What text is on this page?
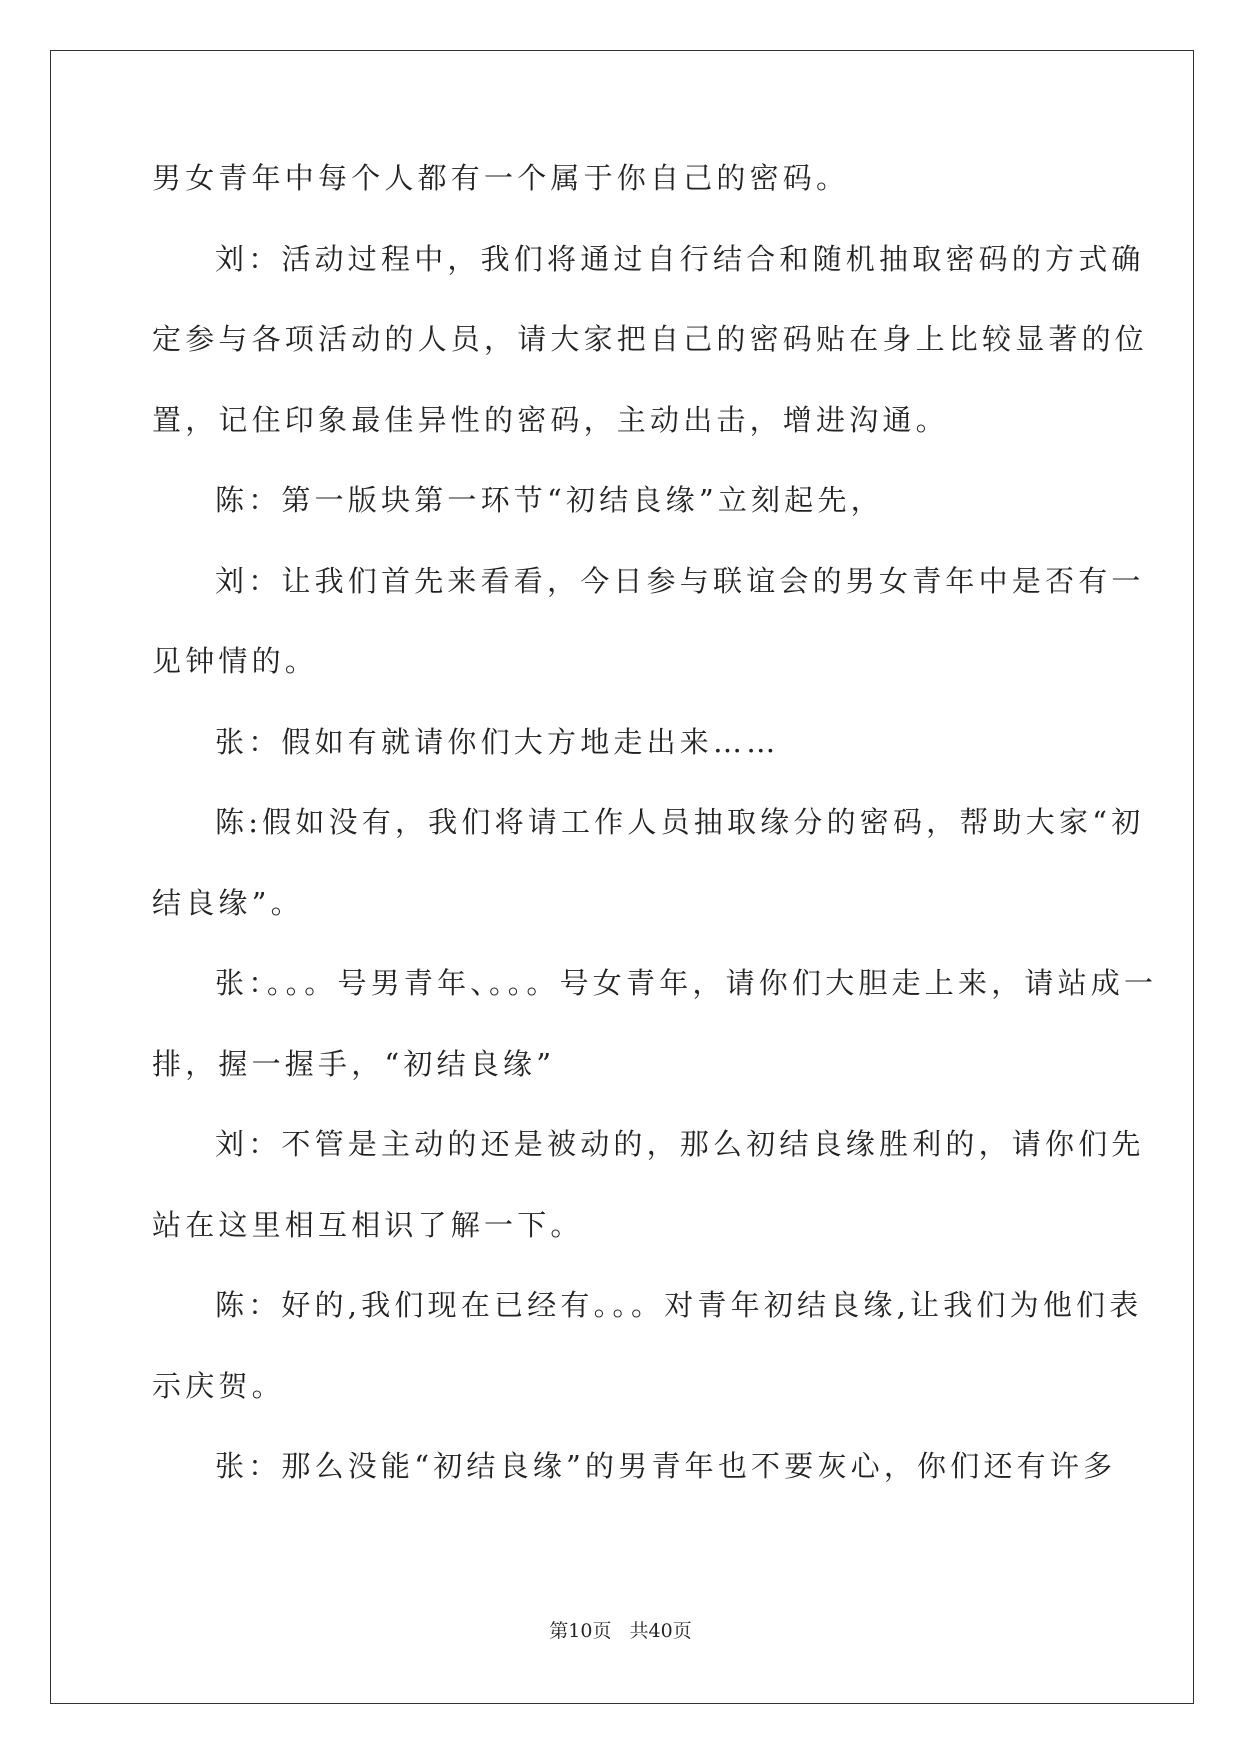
男女青年中每个人都有一个属于你自己的密码。
刘：活动过程中，我们将通过自行结合和随机抽取密码的方式确
定参与各项活动的人员，请大家把自己的密码贴在身上比较显著的位
置，记住印象最佳异性的密码，主动出击，增进沟通。
陈：第一版块第一环节“初结良缘”立刻起先，
刘：让我们首先来看看，今日参与联谊会的男女青年中是否有一
见钟情的。
张：假如有就请你们大方地走出来……
陈:假如没有，我们将请工作人员抽取缘分的密码，帮助大家“初
结良缘”。
张：。。。号男青年、。。。号女青年，请你们大胆走上来，请站成一
排，握一握手，“初结良缘”
刘：不管是主动的还是被动的，那么初结良缘胜利的，请你们先
站在这里相互相识了解一下。
陈：好的,我们现在已经有。。。对青年初结良缘,让我们为他们表
示庆贺。
张：那么没能“初结良缘”的男青年也不要灰心，你们还有许多
第10页 共40页
